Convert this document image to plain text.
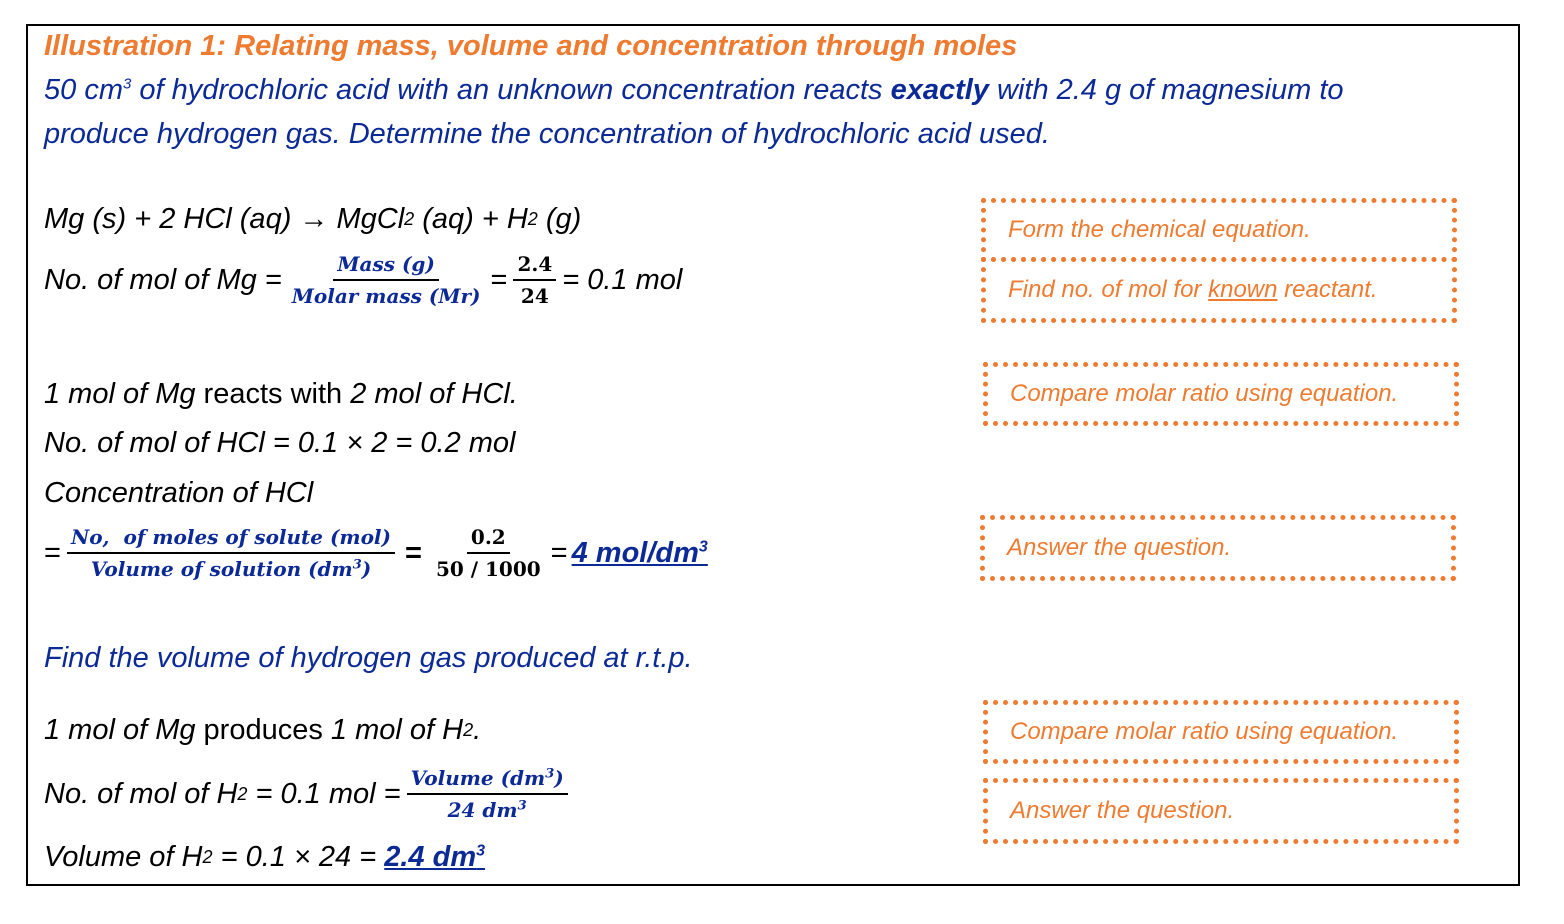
Illustration 1: Relating mass, volume and concentration through moles
50 $cm^3$ of hydrochloric acid with an unknown concentration reacts exactly with 2.4 g of magnesium to
produce hydrogen gas. Determine the concentration of hydrochloric acid used.
Mg (s) + 2 HCl (aq) → MgCl 2 (aq) + H 2 (g)
No. of mol of $Mg = \frac{\text{Mass (g)}}{\text{Molar mass (Mr)}} = \frac{2.4}{24} = 0.1$ mol
1 mol of Mg reacts with 2 mol of HCl.
No. of mol of HCl = 0.1 × 2 = 0.2 mol
Concentration of HCl
= $\frac{\text{No,  of moles of solute (mol)}}{Volume of solution (dm^3)} = \frac{0.2}{50 / 1000} = 4$ mol/$dm^3$
Find the volume of hydrogen gas produced at r.t.p.
1 mol of Mg produces 1 mol of H 2 .
No. of mol of H 2 = 0.1 mol = $\frac{Volume (dm^3)}{24 dm^3}$
Volume of H 2 = 0.1 × 24 = 2.4 $dm^3$
Form the chemical equation.
Find no. of mol for known reactant.
Compare molar ratio using equation.
Answer the question.
Compare molar ratio using equation.
Answer the question.
